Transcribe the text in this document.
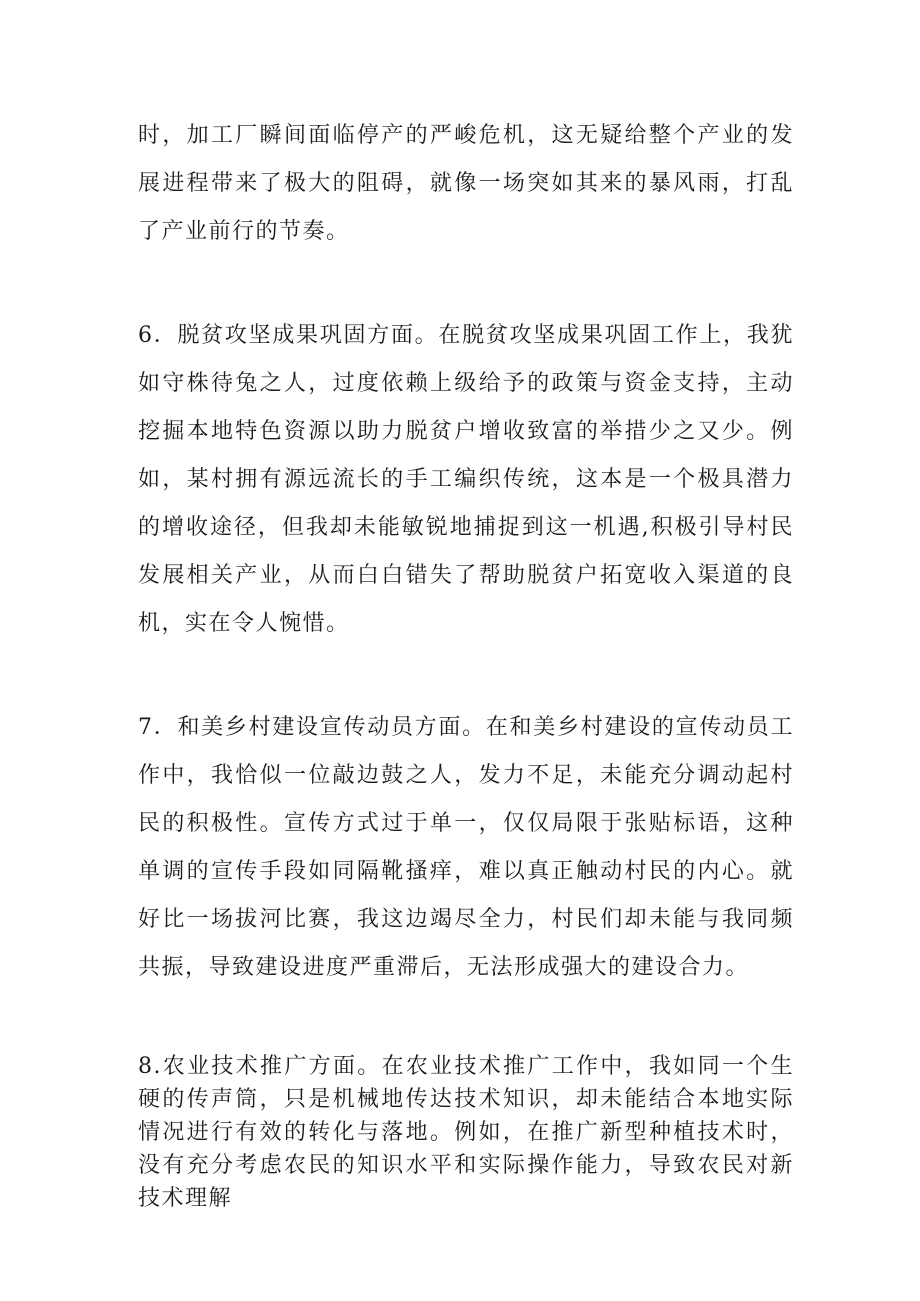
时，加工厂瞬间面临停产的严峻危机，这无疑给整个产业的发展进程带来了极大的阻碍，就像一场突如其来的暴风雨，打乱了产业前行的节奏。

6．脱贫攻坚成果巩固方面。在脱贫攻坚成果巩固工作上，我犹如守株待兔之人，过度依赖上级给予的政策与资金支持，主动挖掘本地特色资源以助力脱贫户增收致富的举措少之又少。例如，某村拥有源远流长的手工编织传统，这本是一个极具潜力的增收途径，但我却未能敏锐地捕捉到这一机遇,积极引导村民发展相关产业，从而白白错失了帮助脱贫户拓宽收入渠道的良机，实在令人惋惜。

7．和美乡村建设宣传动员方面。在和美乡村建设的宣传动员工作中，我恰似一位敲边鼓之人，发力不足，未能充分调动起村民的积极性。宣传方式过于单一，仅仅局限于张贴标语，这种单调的宣传手段如同隔靴搔痒，难以真正触动村民的内心。就好比一场拔河比赛，我这边竭尽全力，村民们却未能与我同频共振，导致建设进度严重滞后，无法形成强大的建设合力。

8.农业技术推广方面。在农业技术推广工作中，我如同一个生硬的传声筒，只是机械地传达技术知识，却未能结合本地实际情况进行有效的转化与落地。例如，在推广新型种植技术时，没有充分考虑农民的知识水平和实际操作能力，导致农民对新技术理解
